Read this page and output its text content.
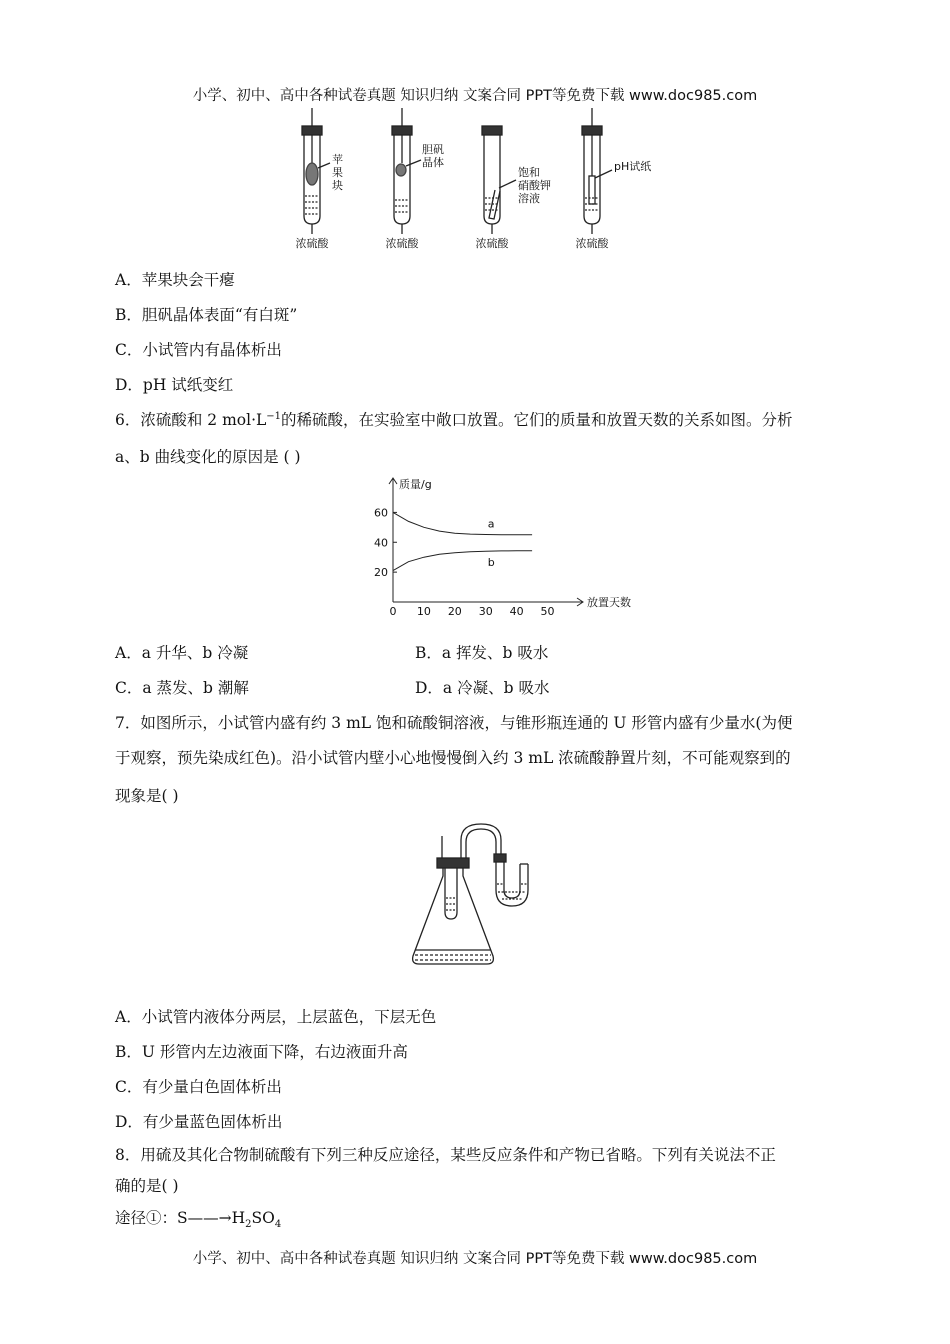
小学、初中、高中各种试卷真题 知识归纳 文案合同 PPT等免费下载 www.doc985.com
苹果块
胆矾晶体
饱和硝酸钾溶液
pH试纸
浓硫酸	浓硫酸	浓硫酸	浓硫酸
A．苹果块会干瘪
B．胆矾晶体表面“有白斑”
C．小试管内有晶体析出
D．pH 试纸变红
6．浓硫酸和 2 $mol\cdot L^{-1}$的稀硫酸，在实验室中敞口放置。它们的质量和放置天数的关系如图。分析
a、b 曲线变化的原因是 ( )
0 10 20 30 40 50
20
40
60
a
b
质量/g
放置天数
A．a 升华、b 冷凝	B．a 挥发、b 吸水
C．a 蒸发、b 潮解	D．a 冷凝、b 吸水
7．如图所示，小试管内盛有约 3 mL 饱和硫酸铜溶液，与锥形瓶连通的 U 形管内盛有少量水(为便
于观察，预先染成红色)。沿小试管内壁小心地慢慢倒入约 3 mL 浓硫酸静置片刻，不可能观察到的
现象是( )
A．小试管内液体分两层，上层蓝色，下层无色
B．U 形管内左边液面下降，右边液面升高
C．有少量白色固体析出
D．有少量蓝色固体析出
8．用硫及其化合物制硫酸有下列三种反应途径，某些反应条件和产物已省略。下列有关说法不正
确的是( )
途径①：$S——\to H_2SO_4$
小学、初中、高中各种试卷真题 知识归纳 文案合同 PPT等免费下载 www.doc985.com
